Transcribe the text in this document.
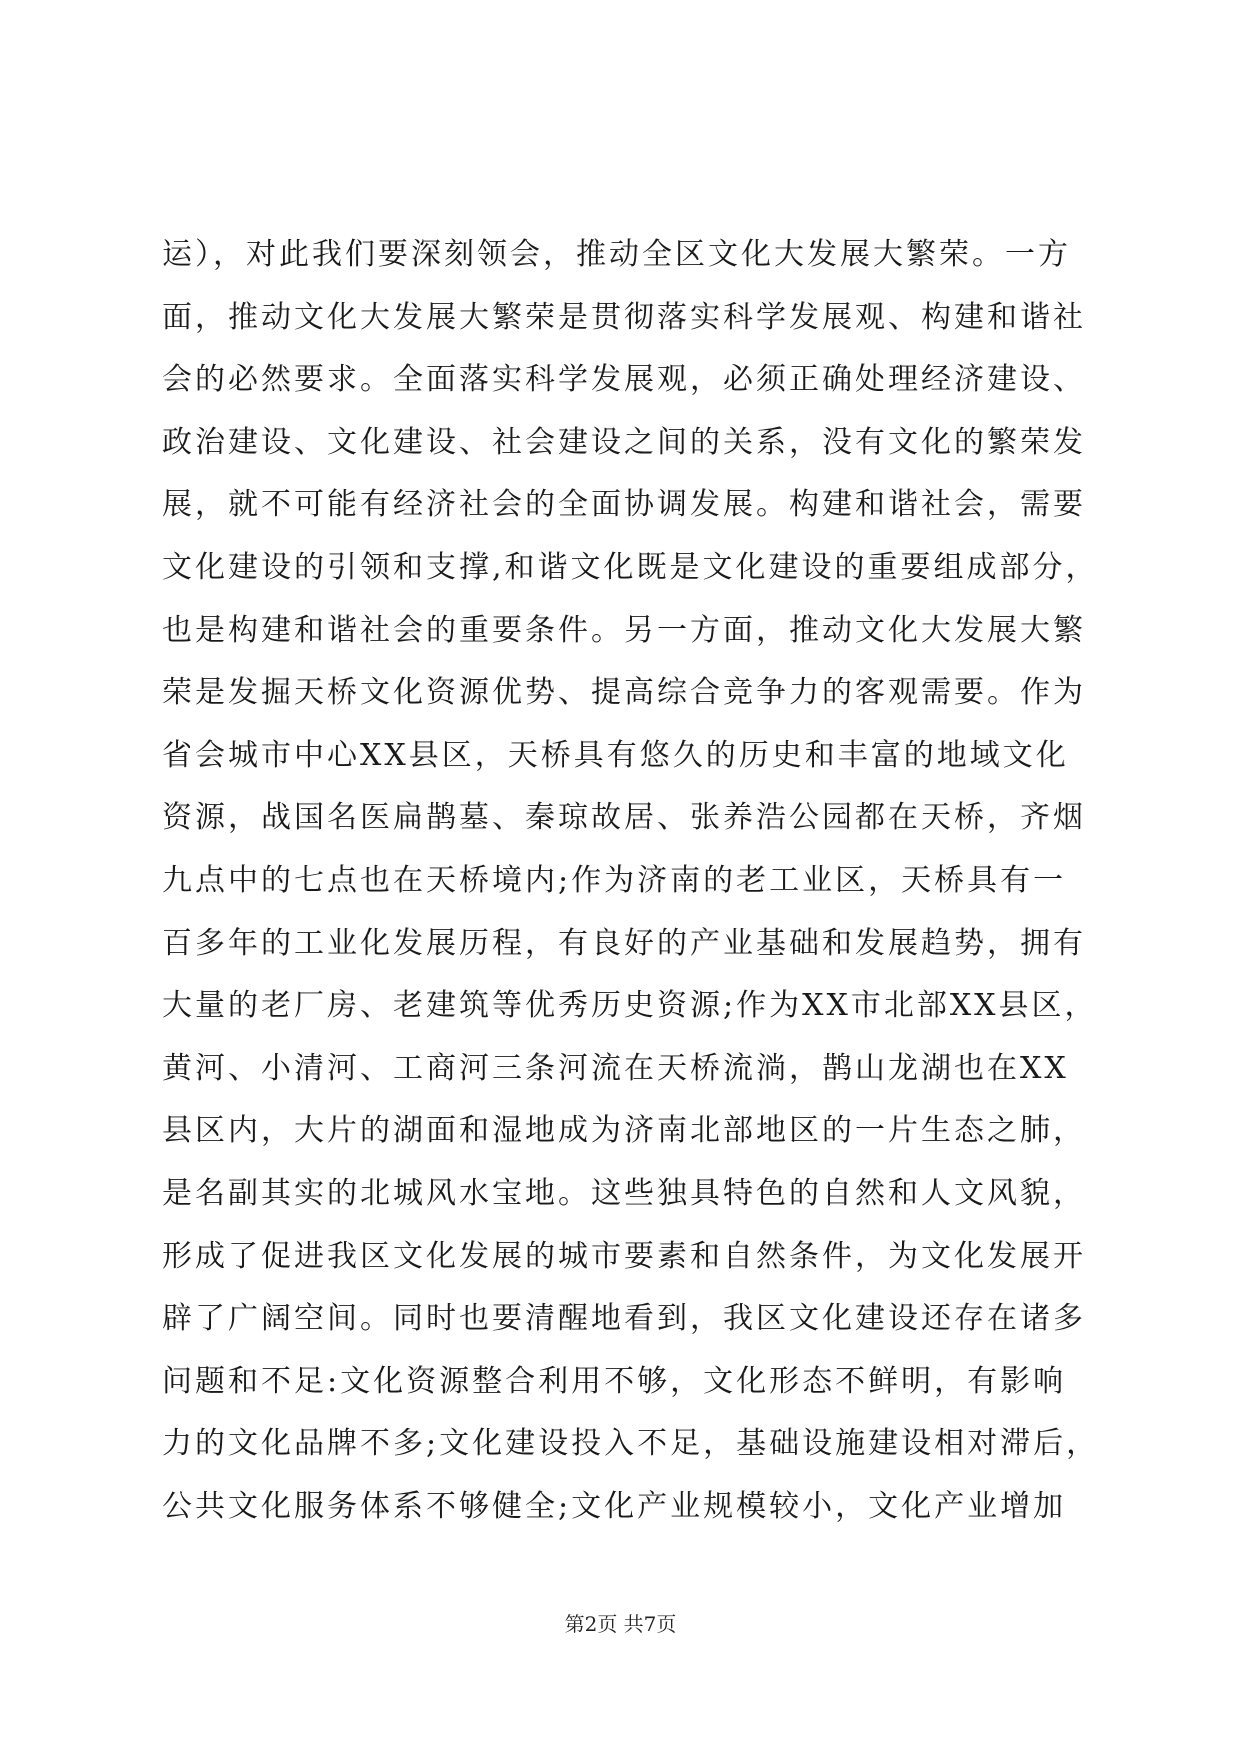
运），对此我们要深刻领会，推动全区文化大发展大繁荣。一方
面，推动文化大发展大繁荣是贯彻落实科学发展观、构建和谐社
会的必然要求。全面落实科学发展观，必须正确处理经济建设、
政治建设、文化建设、社会建设之间的关系，没有文化的繁荣发
展，就不可能有经济社会的全面协调发展。构建和谐社会，需要
文化建设的引领和支撑,和谐文化既是文化建设的重要组成部分，
也是构建和谐社会的重要条件。另一方面，推动文化大发展大繁
荣是发掘天桥文化资源优势、提高综合竞争力的客观需要。作为
省会城市中心XX县区，天桥具有悠久的历史和丰富的地域文化
资源，战国名医扁鹊墓、秦琼故居、张养浩公园都在天桥，齐烟
九点中的七点也在天桥境内;作为济南的老工业区，天桥具有一
百多年的工业化发展历程，有良好的产业基础和发展趋势，拥有
大量的老厂房、老建筑等优秀历史资源;作为XX市北部XX县区，
黄河、小清河、工商河三条河流在天桥流淌，鹊山龙湖也在XX
县区内，大片的湖面和湿地成为济南北部地区的一片生态之肺，
是名副其实的北城风水宝地。这些独具特色的自然和人文风貌，
形成了促进我区文化发展的城市要素和自然条件，为文化发展开
辟了广阔空间。同时也要清醒地看到，我区文化建设还存在诸多
问题和不足:文化资源整合利用不够，文化形态不鲜明，有影响
力的文化品牌不多;文化建设投入不足，基础设施建设相对滞后，
公共文化服务体系不够健全;文化产业规模较小，文化产业增加
第2页 共7页
